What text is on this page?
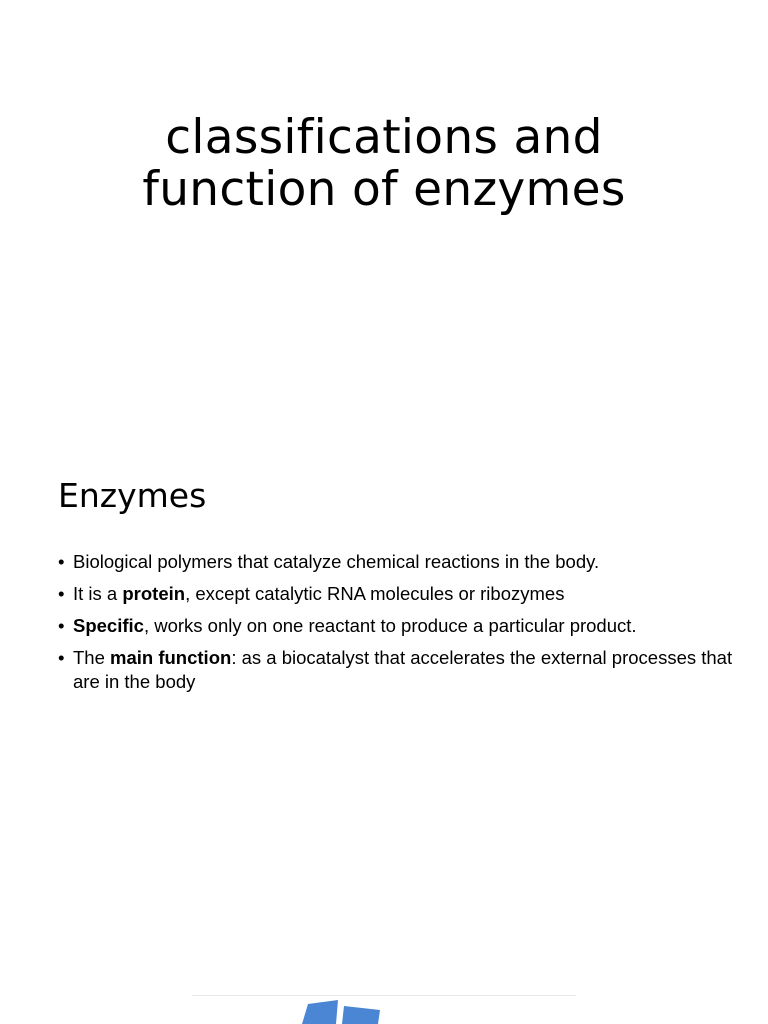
classifications and
function of enzymes
Enzymes
• Biological polymers that catalyze chemical reactions in the body.
• It is a protein, except catalytic RNA molecules or ribozymes
• Specific, works only on one reactant to produce a particular product.
• The main function: as a biocatalyst that accelerates the external processes that are in the body
